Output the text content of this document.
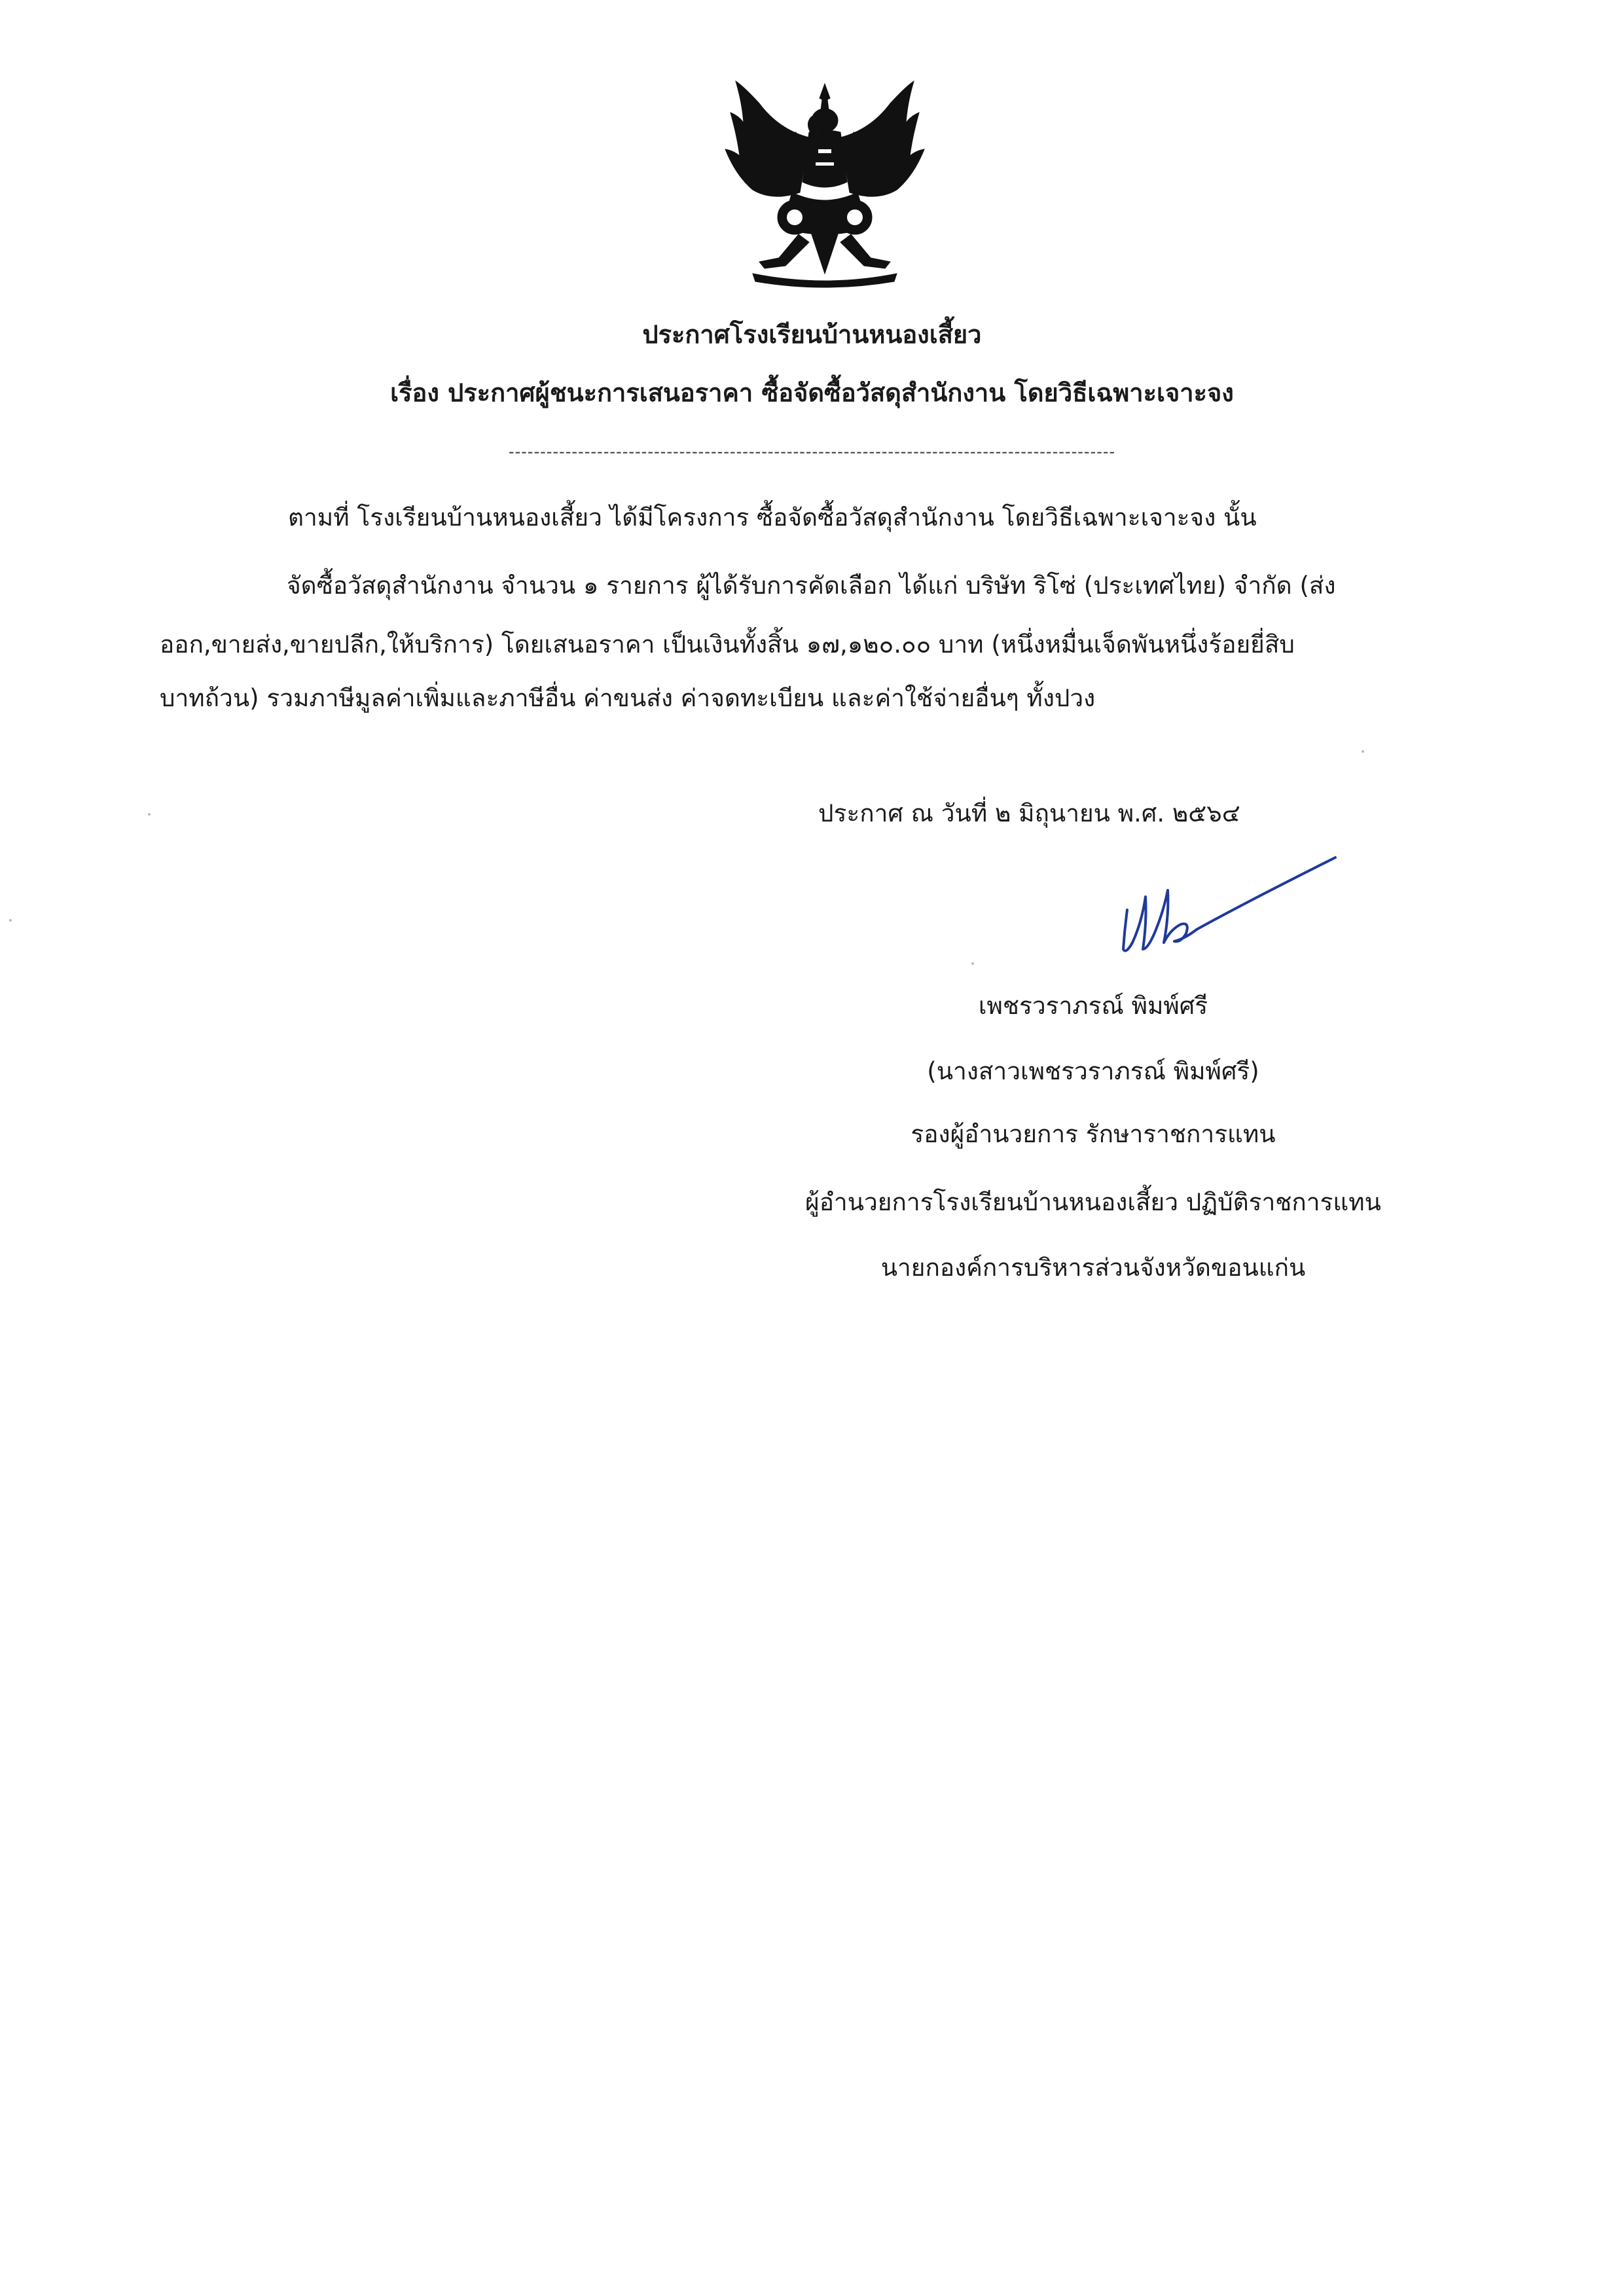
ประกาศโรงเรียนบ้านหนองเสี้ยว
เรื่อง ประกาศผู้ชนะการเสนอราคา ซื้อจัดซื้อวัสดุสำนักงาน โดยวิธีเฉพาะเจาะจง
------------------------------------------------------------------------------------------------
ตามที่ โรงเรียนบ้านหนองเสี้ยว ได้มีโครงการ ซื้อจัดซื้อวัสดุสำนักงาน โดยวิธีเฉพาะเจาะจง นั้น
จัดซื้อวัสดุสำนักงาน จำนวน ๑ รายการ ผู้ได้รับการคัดเลือก ได้แก่ บริษัท ริโซ่ (ประเทศไทย) จำกัด (ส่ง
ออก,ขายส่ง,ขายปลีก,ให้บริการ) โดยเสนอราคา เป็นเงินทั้งสิ้น ๑๗,๑๒๐.๐๐ บาท (หนึ่งหมื่นเจ็ดพันหนึ่งร้อยยี่สิบ
บาทถ้วน) รวมภาษีมูลค่าเพิ่มและภาษีอื่น ค่าขนส่ง ค่าจดทะเบียน และค่าใช้จ่ายอื่นๆ ทั้งปวง
ประกาศ ณ วันที่ ๒ มิถุนายน พ.ศ. ๒๕๖๔
เพชรวราภรณ์ พิมพ์ศรี
(นางสาวเพชรวราภรณ์ พิมพ์ศรี)
รองผู้อำนวยการ รักษาราชการแทน
ผู้อำนวยการโรงเรียนบ้านหนองเสี้ยว ปฏิบัติราชการแทน
นายกองค์การบริหารส่วนจังหวัดขอนแก่น
